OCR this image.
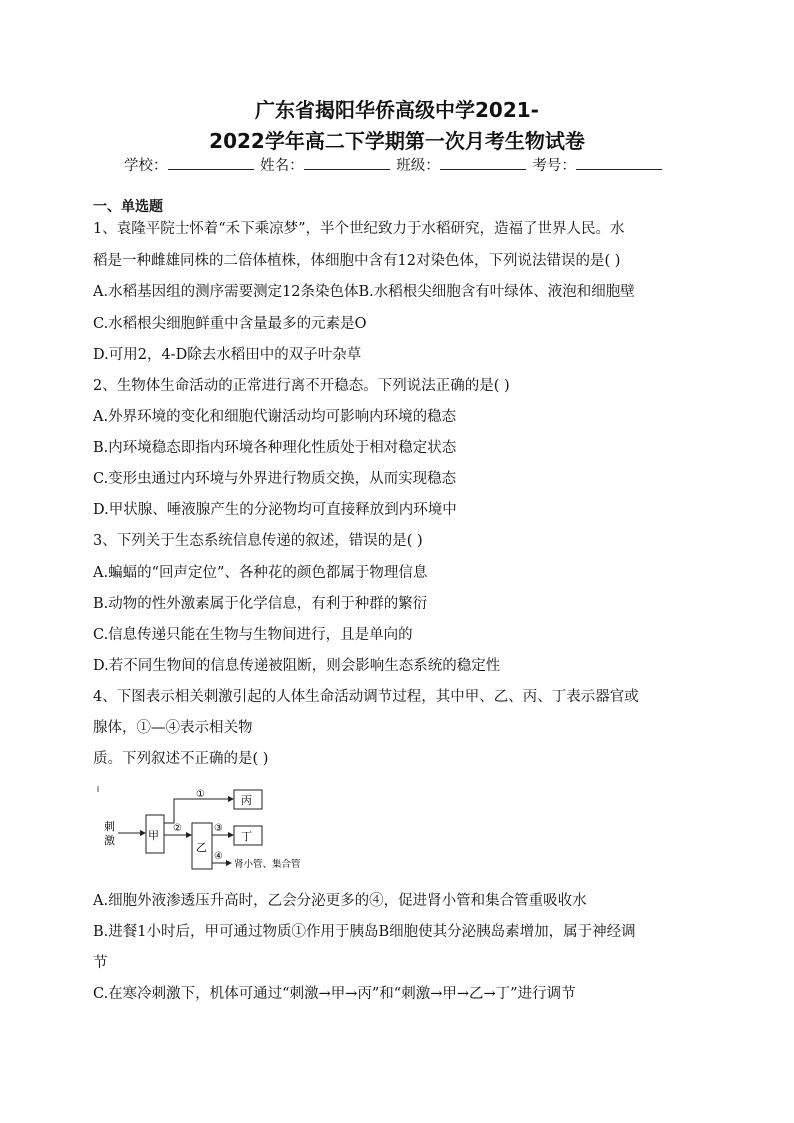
广东省揭阳华侨高级中学2021-
2022学年高二下学期第一次月考生物试卷
学校：	姓名：	班级：	考号：
一、单选题
1、袁隆平院士怀着“禾下乘凉梦”，半个世纪致力于水稻研究，造福了世界人民。水
稻是一种雌雄同株的二倍体植株，体细胞中含有12对染色体，下列说法错误的是( )
A.水稻基因组的测序需要测定12条染色体B.水稻根尖细胞含有叶绿体、液泡和细胞壁
C.水稻根尖细胞鲜重中含量最多的元素是O
D.可用2，4-D除去水稻田中的双子叶杂草
2、生物体生命活动的正常进行离不开稳态。下列说法正确的是( )
A.外界环境的变化和细胞代谢活动均可影响内环境的稳态
B.内环境稳态即指内环境各种理化性质处于相对稳定状态
C.变形虫通过内环境与外界进行物质交换，从而实现稳态
D.甲状腺、唾液腺产生的分泌物均可直接释放到内环境中
3、下列关于生态系统信息传递的叙述，错误的是( )
A.蝙蝠的“回声定位”、各种花的颜色都属于物理信息
B.动物的性外激素属于化学信息，有利于种群的繁衍
C.信息传递只能在生物与生物间进行，且是单向的
D.若不同生物间的信息传递被阻断，则会影响生态系统的稳定性
4、下图表示相关刺激引起的人体生命活动调节过程，其中甲、乙、丙、丁表示器官或
腺体，①—④表示相关物
质。下列叙述不正确的是( )
刺
激	甲
①	丙
②
乙
③
丁
④
肾小管、集合管
A.细胞外液渗透压升高时，乙会分泌更多的④，促进肾小管和集合管重吸收水
B.进餐1小时后，甲可通过物质①作用于胰岛B细胞使其分泌胰岛素增加，属于神经调
节
C.在寒冷刺激下，机体可通过“刺激→甲→丙”和“刺激→甲→乙→丁”进行调节
